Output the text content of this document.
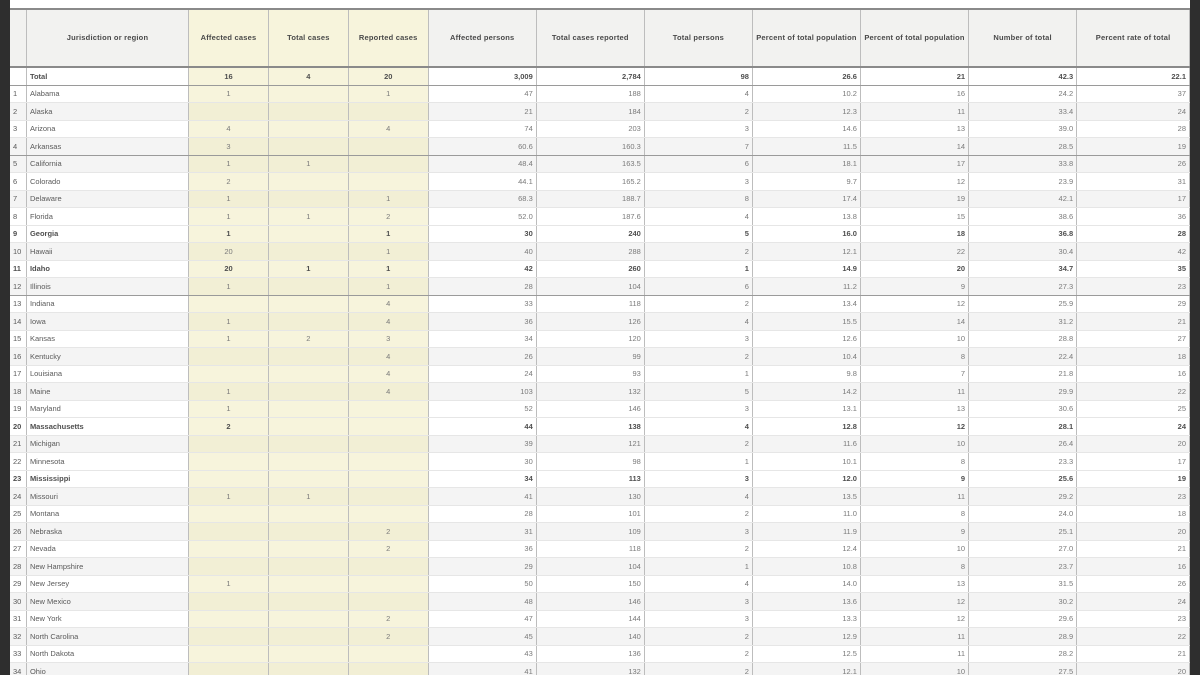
	Jurisdiction or region	Affected cases	Total cases	Reported cases	Affected persons	Total cases reported	Total persons	Percent of total population	Percent of total population	Number of total	Percent rate of total
	Total	16	4	20	3,009	2,784	98	26.6	21	42.3	22.1
1	Alabama	1		1	47	188	4	10.2	16	24.2	37
2	Alaska				21	184	2	12.3	11	33.4	24
3	Arizona	4		4	74	203	3	14.6	13	39.0	28
4	Arkansas	3			60.6	160.3	7	11.5	14	28.5	19
5	California	1	1		48.4	163.5	6	18.1	17	33.8	26
6	Colorado	2			44.1	165.2	3	9.7	12	23.9	31
7	Delaware	1		1	68.3	188.7	8	17.4	19	42.1	17
8	Florida	1	1	2	52.0	187.6	4	13.8	15	38.6	36
9	Georgia	1		1	30	240	5	16.0	18	36.8	28
10	Hawaii	20		1	40	288	2	12.1	22	30.4	42
11	Idaho	20	1	1	42	260	1	14.9	20	34.7	35
12	Illinois	1		1	28	104	6	11.2	9	27.3	23
13	Indiana			4	33	118	2	13.4	12	25.9	29
14	Iowa	1		4	36	126	4	15.5	14	31.2	21
15	Kansas	1	2	3	34	120	3	12.6	10	28.8	27
16	Kentucky			4	26	99	2	10.4	8	22.4	18
17	Louisiana			4	24	93	1	9.8	7	21.8	16
18	Maine	1		4	103	132	5	14.2	11	29.9	22
19	Maryland	1			52	146	3	13.1	13	30.6	25
20	Massachusetts	2			44	138	4	12.8	12	28.1	24
21	Michigan				39	121	2	11.6	10	26.4	20
22	Minnesota				30	98	1	10.1	8	23.3	17
23	Mississippi				34	113	3	12.0	9	25.6	19
24	Missouri	1	1		41	130	4	13.5	11	29.2	23
25	Montana				28	101	2	11.0	8	24.0	18
26	Nebraska			2	31	109	3	11.9	9	25.1	20
27	Nevada			2	36	118	2	12.4	10	27.0	21
28	New Hampshire				29	104	1	10.8	8	23.7	16
29	New Jersey	1			50	150	4	14.0	13	31.5	26
30	New Mexico				48	146	3	13.6	12	30.2	24
31	New York			2	47	144	3	13.3	12	29.6	23
32	North Carolina			2	45	140	2	12.9	11	28.9	22
33	North Dakota				43	136	2	12.5	11	28.2	21
34	Ohio				41	132	2	12.1	10	27.5	20
